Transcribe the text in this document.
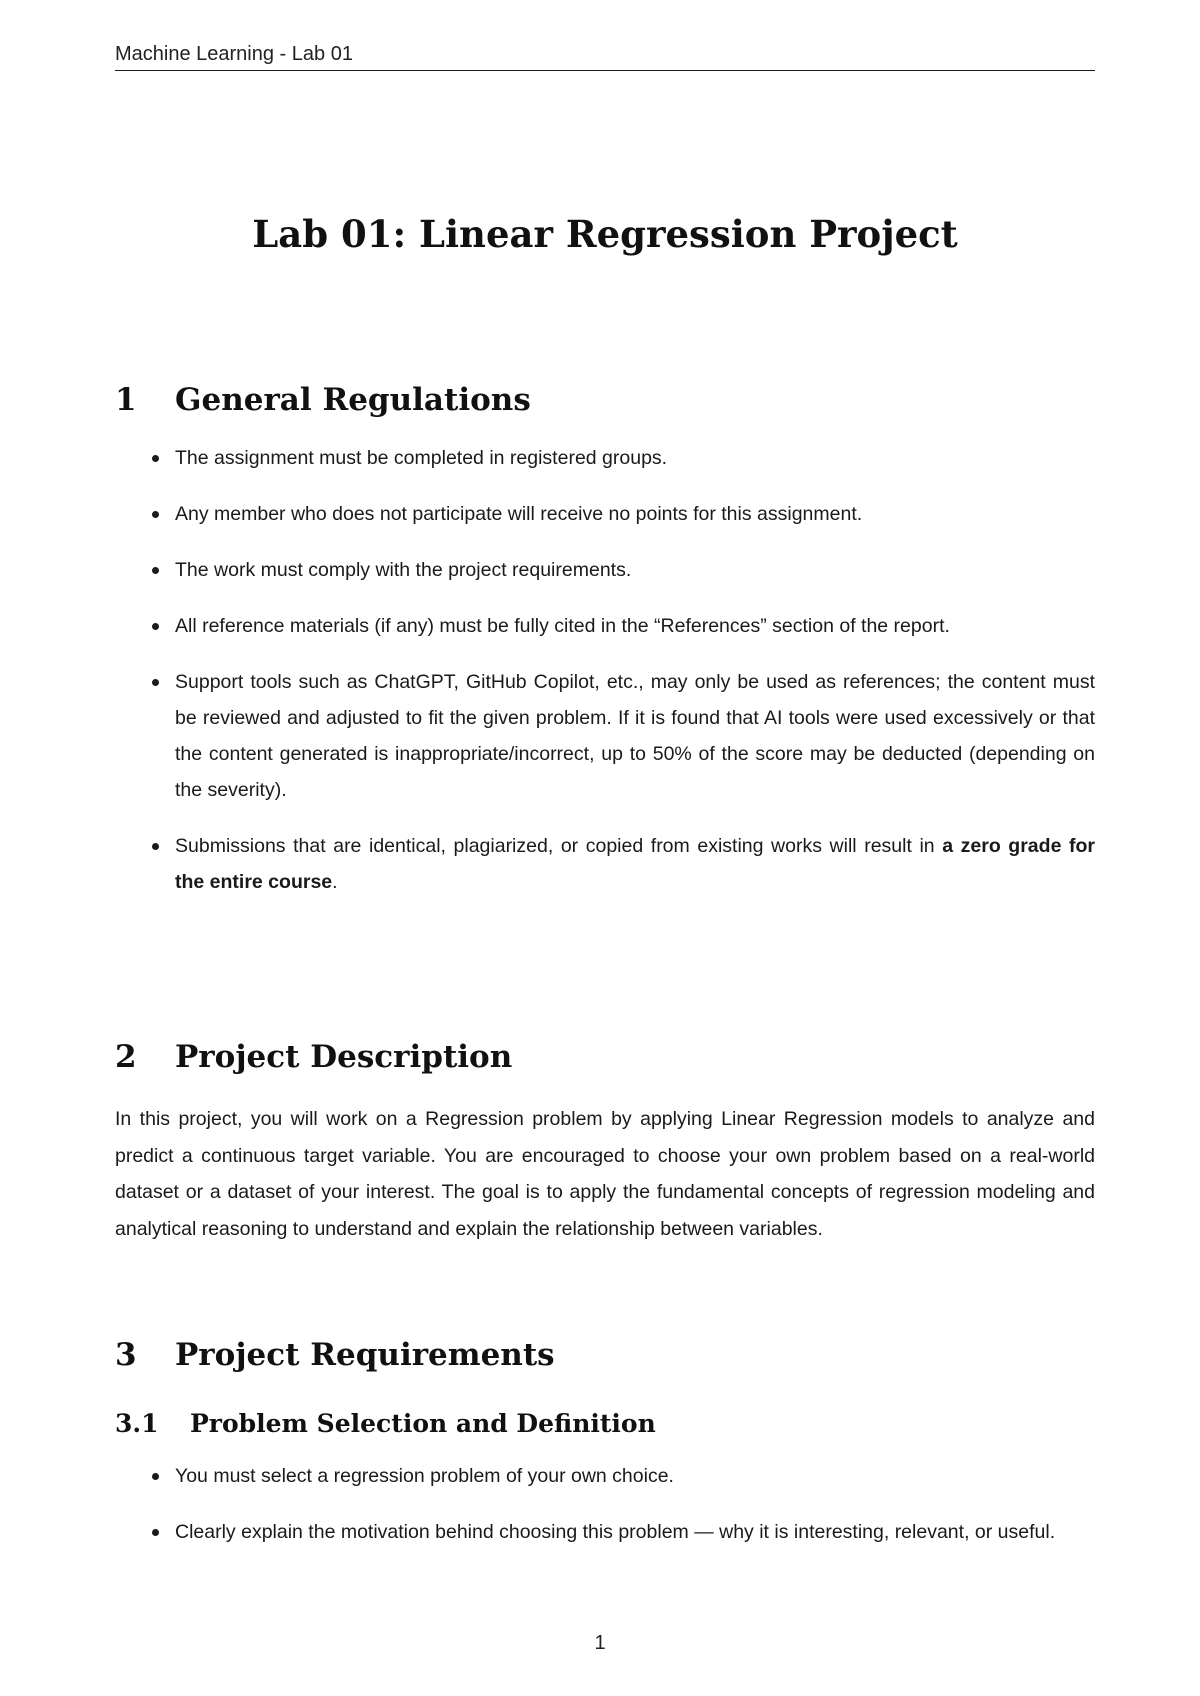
Machine Learning - Lab 01
Lab 01: Linear Regression Project
1 General Regulations
The assignment must be completed in registered groups.
Any member who does not participate will receive no points for this assignment.
The work must comply with the project requirements.
All reference materials (if any) must be fully cited in the “References” section of the report.
Support tools such as ChatGPT, GitHub Copilot, etc., may only be used as references; the content must be reviewed and adjusted to fit the given problem. If it is found that AI tools were used excessively or that the content generated is inappropriate/incorrect, up to 50% of the score may be deducted (depending on the severity).
Submissions that are identical, plagiarized, or copied from existing works will result in a zero grade for the entire course.
2 Project Description

In this project, you will work on a Regression problem by applying Linear Regression models to analyze and predict a continuous target variable. You are encouraged to choose your own problem based on a real-world dataset or a dataset of your interest. The goal is to apply the fundamental concepts of regression modeling and analytical reasoning to understand and explain the relationship between variables.

3 Project Requirements
3.1 Problem Selection and Definition
You must select a regression problem of your own choice.
Clearly explain the motivation behind choosing this problem — why it is interesting, relevant, or useful.
1
